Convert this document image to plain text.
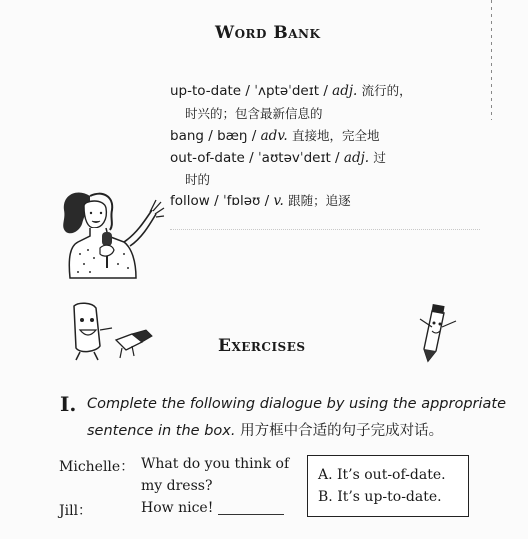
Word Bank
up-to-date / ˈʌptəˈdeɪt / adj. 流行的，
时兴的；包含最新信息的
bang / bæŋ / adv. 直接地，完全地
out-of-date / ˈaʊtəvˈdeɪt / adj. 过
时的
follow / ˈfɒləʊ / v. 跟随；追逐
Exercises
I. Complete the following dialogue by using the appropriate
sentence in the box. 用方框中合适的句子完成对话。
Michelle： What do you think of
my dress?
Jill：	How nice!
A. It’s out-of-date.
B. It’s up-to-date.
